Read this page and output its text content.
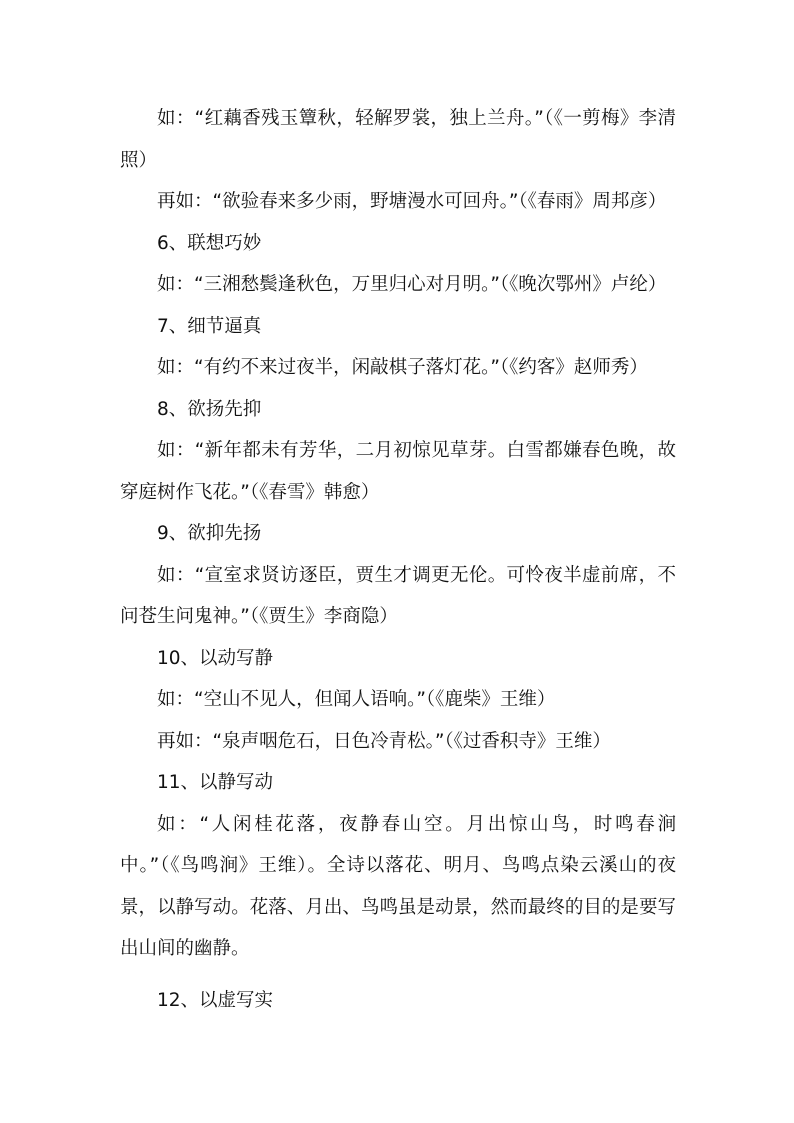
如：“红藕香残玉簟秋，轻解罗裳，独上兰舟。”（《一剪梅》李清照）

再如：“欲验春来多少雨，野塘漫水可回舟。”（《春雨》周邦彦）

6、联想巧妙

如：“三湘愁鬓逢秋色，万里归心对月明。”（《晚次鄂州》卢纶）

7、细节逼真

如：“有约不来过夜半，闲敲棋子落灯花。”（《约客》赵师秀）

8、欲扬先抑

如：“新年都未有芳华，二月初惊见草芽。白雪都嫌春色晚，故穿庭树作飞花。”（《春雪》韩愈）

9、欲抑先扬

如：“宣室求贤访逐臣，贾生才调更无伦。可怜夜半虚前席，不问苍生问鬼神。”（《贾生》李商隐）

10、以动写静

如：“空山不见人，但闻人语响。”（《鹿柴》王维）

再如：“泉声咽危石，日色冷青松。”（《过香积寺》王维）

11、以静写动

如：“人闲桂花落，夜静春山空。月出惊山鸟，时鸣春涧中。”（《鸟鸣涧》王维）。全诗以落花、明月、鸟鸣点染云溪山的夜景，以静写动。花落、月出、鸟鸣虽是动景，然而最终的目的是要写出山间的幽静。

12、以虚写实
